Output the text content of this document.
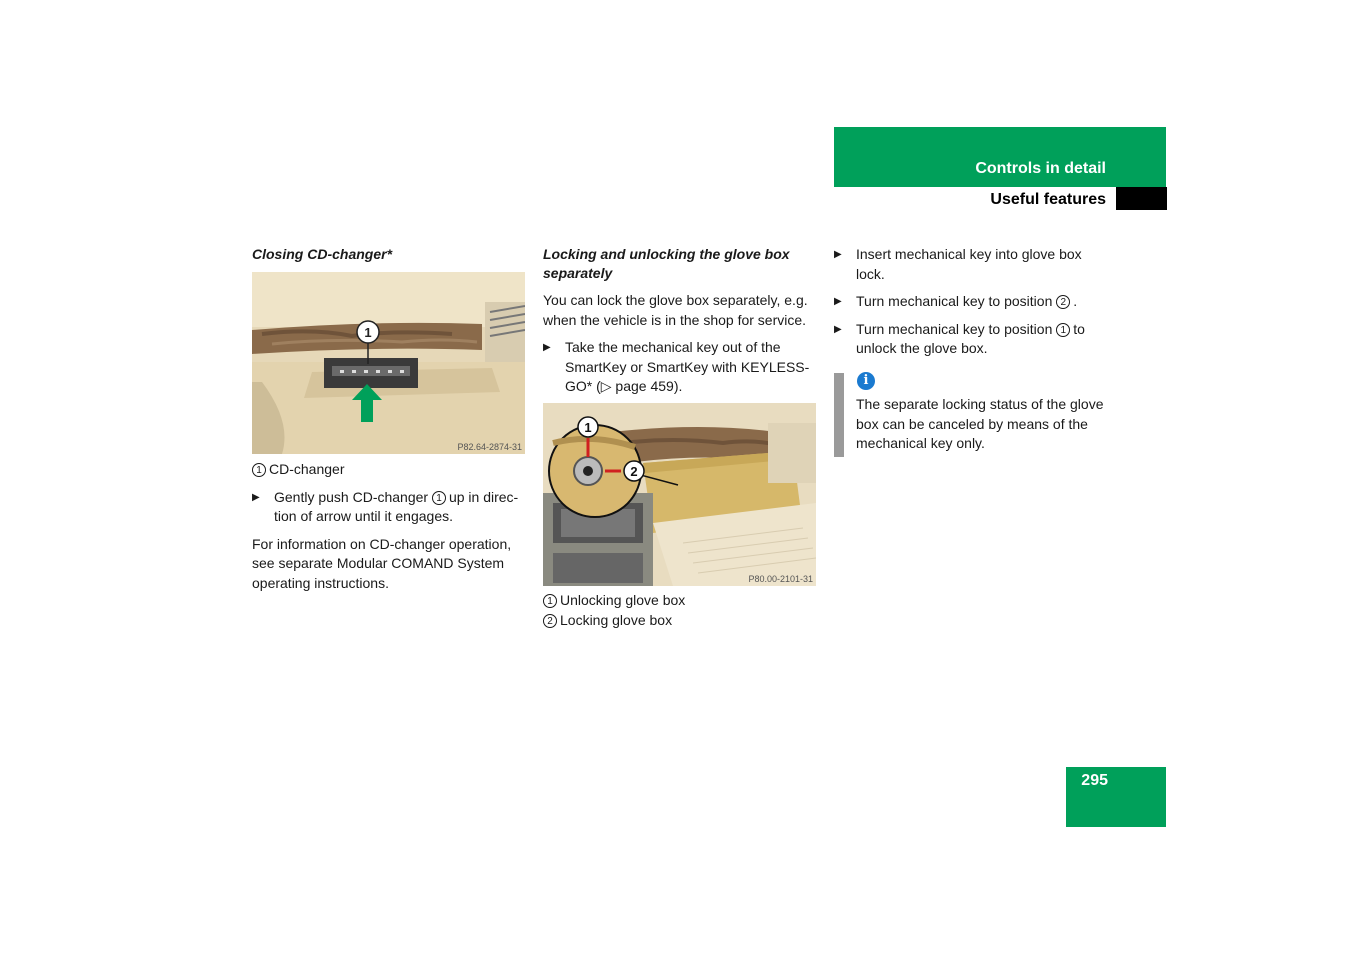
Controls in detail
Useful features
Closing CD-changer*
1
P82.64-2874-31
1 CD-changer
▶	Gently push CD-changer 1 up in direc-tion of arrow until it engages.
For information on CD-changer operation, see separate Modular COMAND System operating instructions.
Locking and unlocking the glove box separately
You can lock the glove box separately, e.g. when the vehicle is in the shop for service.
▶	Take the mechanical key out of the SmartKey or SmartKey with KEYLESS-GO* (▷ page 459).
1
2
P80.00-2101-31
1 Unlocking glove box
2 Locking glove box
▶	Insert mechanical key into glove box lock.
▶	Turn mechanical key to position 2 .
▶	Turn mechanical key to position 1 to unlock the glove box.
i
The separate locking status of the glove box can be canceled by means of the mechanical key only.
295
